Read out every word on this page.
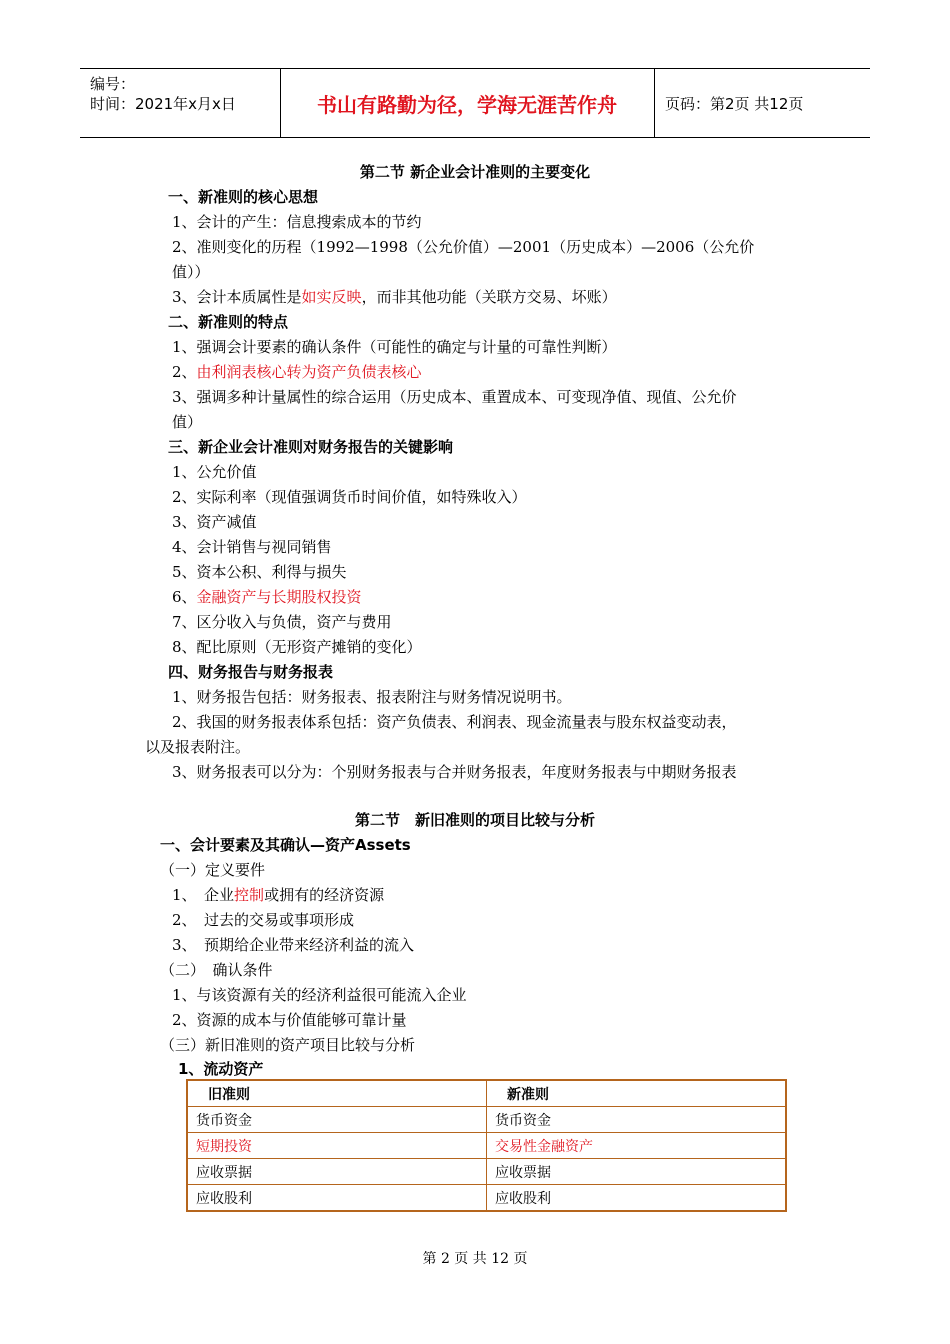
编号：
时间：2021年x月x日	书山有路勤为径，学海无涯苦作舟	页码：第2页 共12页
第二节 新企业会计准则的主要变化
一、新准则的核心思想
1、会计的产生：信息搜索成本的节约
2、准则变化的历程（1992—1998（公允价值）—2001（历史成本）—2006（公允价
值））
3、会计本质属性是如实反映，而非其他功能（关联方交易、坏账）
二、新准则的特点
1、强调会计要素的确认条件（可能性的确定与计量的可靠性判断）
2、由利润表核心转为资产负债表核心
3、强调多种计量属性的综合运用（历史成本、重置成本、可变现净值、现值、公允价
值）
三、新企业会计准则对财务报告的关键影响
1、公允价值
2、实际利率（现值强调货币时间价值，如特殊收入）
3、资产减值
4、会计销售与视同销售
5、资本公积、利得与损失
6、金融资产与长期股权投资
7、区分收入与负债，资产与费用
8、配比原则（无形资产摊销的变化）
四、财务报告与财务报表
1、财务报告包括：财务报表、报表附注与财务情况说明书。
2、我国的财务报表体系包括：资产负债表、利润表、现金流量表与股东权益变动表，
以及报表附注。
3、财务报表可以分为：个别财务报表与合并财务报表，年度财务报表与中期财务报表
第二节　新旧准则的项目比较与分析
一、会计要素及其确认—资产Assets
（一）定义要件
1、　企业控制或拥有的经济资源
2、　过去的交易或事项形成
3、　预期给企业带来经济利益的流入
（二）　确认条件
1、与该资源有关的经济利益很可能流入企业
2、资源的成本与价值能够可靠计量
（三）新旧准则的资产项目比较与分析
1、流动资产
旧准则	新准则
货币资金	货币资金
短期投资	交易性金融资产
应收票据	应收票据
应收股利	应收股利
第 2 页 共 12 页
